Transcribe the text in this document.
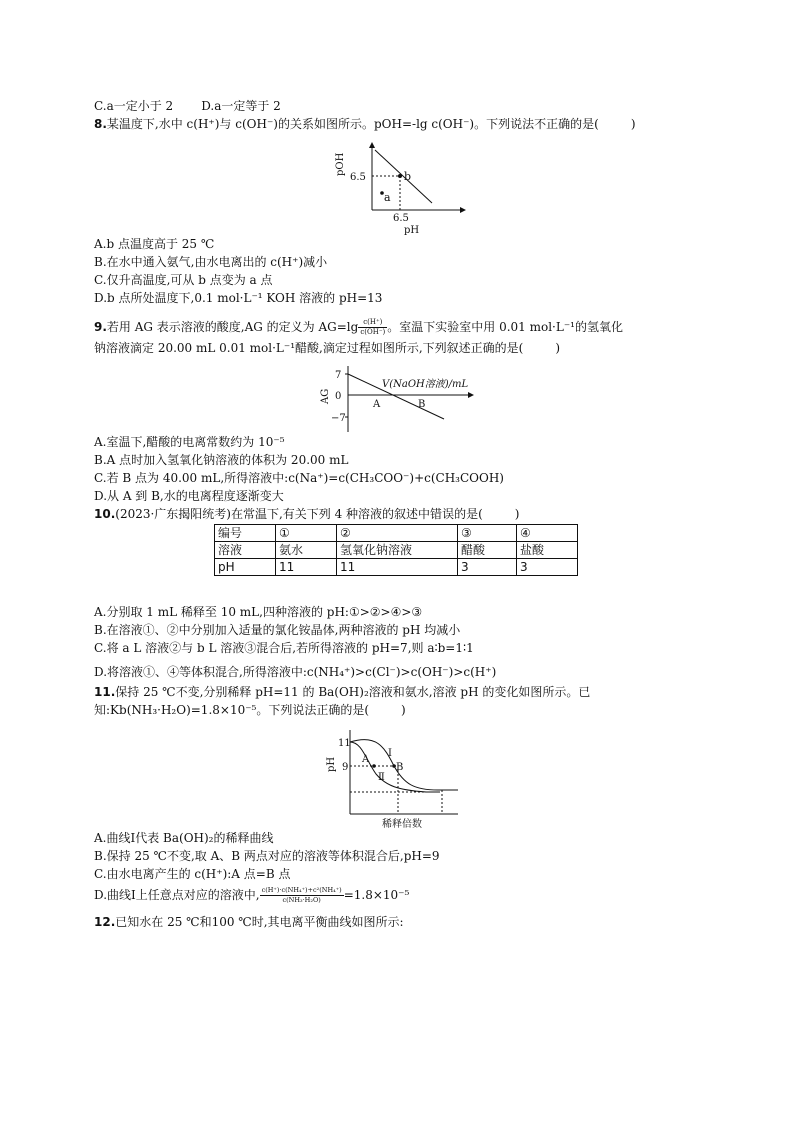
C.a一定小于 2 D.a一定等于 2
8.某温度下,水中 c(H⁺)与 c(OH⁻)的关系如图所示。pOH=-lg c(OH⁻)。下列说法不正确的是(	)
b
a
6.5
6.5
pH
pOH
A.b 点温度高于 25 ℃
B.在水中通入氨气,由水电离出的 c(H⁺)减小
C.仅升高温度,可从 b 点变为 a 点
D.b 点所处温度下,0.1 mol·L⁻¹ KOH 溶液的 pH=13
9.若用 AG 表示溶液的酸度,AG 的定义为 $AG=\lg \frac{c(H^+)}{c(OH^-)}$ 。室温下实验室中用 0.01 mol·L⁻¹的氢氧化
钠溶液滴定 20.00 mL 0.01 mol·L⁻¹醋酸,滴定过程如图所示,下列叙述正确的是(	)
7
0
−7
AG
V(NaOH溶液)/mL
A	B
A.室温下,醋酸的电离常数约为 10⁻⁵
B.A 点时加入氢氧化钠溶液的体积为 20.00 mL
C.若 B 点为 40.00 mL,所得溶液中:c(Na⁺)=c(CH₃COO⁻)+c(CH₃COOH)
D.从 A 到 B,水的电离程度逐渐变大
10.(2023·广东揭阳统考)在常温下,有关下列 4 种溶液的叙述中错误的是(	)
编号	①	②	③	④
溶液	氨水	氢氧化钠溶液	醋酸	盐酸
pH	11	11	3	3
A.分别取 1 mL 稀释至 10 mL,四种溶液的 pH:①>②>④>③
B.在溶液①、②中分别加入适量的氯化铵晶体,两种溶液的 pH 均减小
C.将 a L 溶液②与 b L 溶液③混合后,若所得溶液的 pH=7,则 a∶b=1∶1
D.将溶液①、④等体积混合,所得溶液中:c(NH₄⁺)>c(Cl⁻)>c(OH⁻)>c(H⁺)
11.保持 25 ℃不变,分别稀释 pH=11 的 Ba(OH)₂溶液和氨水,溶液 pH 的变化如图所示。已
知:Kb(NH₃·H₂O)=1.8×10⁻⁵。下列说法正确的是(	)
11
9
pH	A
B
Ⅰ
Ⅱ
稀释倍数
A.曲线Ⅰ代表 Ba(OH)₂的稀释曲线
B.保持 25 ℃不变,取 A、B 两点对应的溶液等体积混合后,pH=9
C.由水电离产生的 c(H⁺):A 点=B 点
D.曲线Ⅰ上任意点对应的溶液中, $\frac{\text{c(H⁺)·c(NH₄⁺)+c²(NH₄⁺)}}{\text{c(NH₃·H₂O)}} =1.8\times 10^{-5}$
12.已知水在 25 ℃和100 ℃时,其电离平衡曲线如图所示:
